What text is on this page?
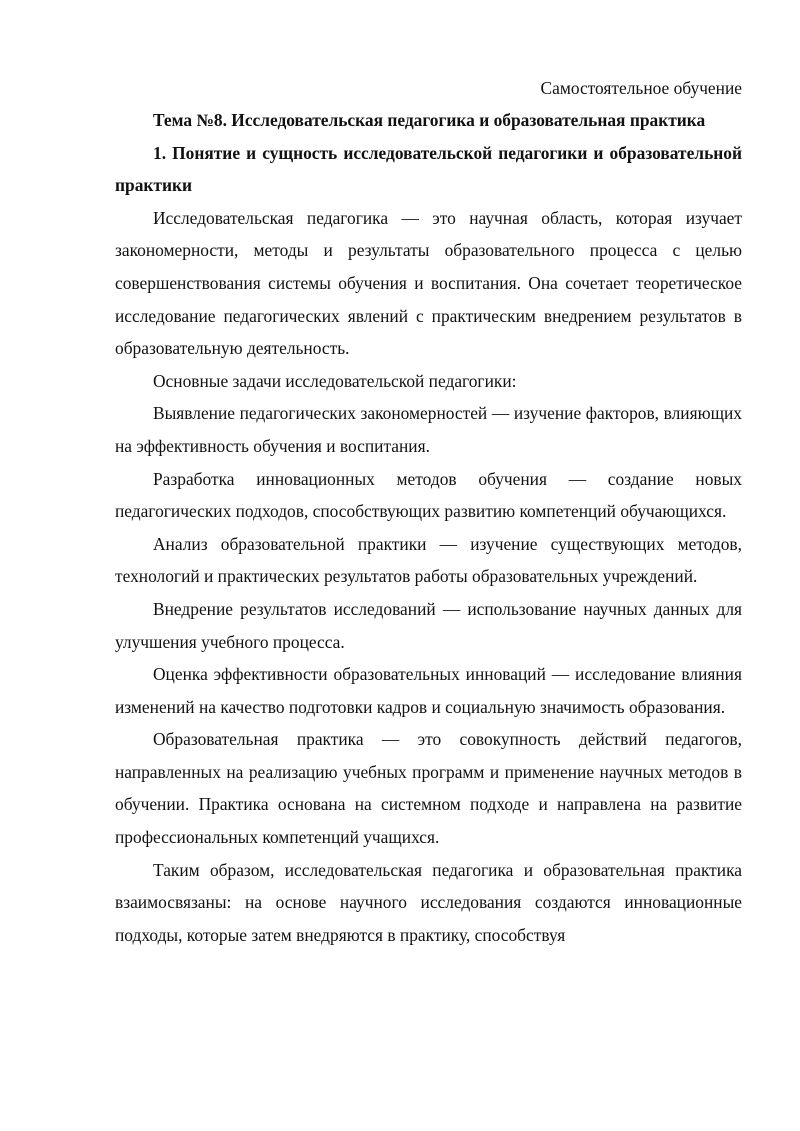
Самостоятельное обучение

Тема №8. Исследовательская педагогика и образовательная практика

1. Понятие и сущность исследовательской педагогики и образовательной практики

Исследовательская педагогика — это научная область, которая изучает закономерности, методы и результаты образовательного процесса с целью совершенствования системы обучения и воспитания. Она сочетает теоретическое исследование педагогических явлений с практическим внедрением результатов в образовательную деятельность.

Основные задачи исследовательской педагогики:

Выявление педагогических закономерностей — изучение факторов, влияющих на эффективность обучения и воспитания.

Разработка инновационных методов обучения — создание новых педагогических подходов, способствующих развитию компетенций обучающихся.

Анализ образовательной практики — изучение существующих методов, технологий и практических результатов работы образовательных учреждений.

Внедрение результатов исследований — использование научных данных для улучшения учебного процесса.

Оценка эффективности образовательных инноваций — исследование влияния изменений на качество подготовки кадров и социальную значимость образования.

Образовательная практика — это совокупность действий педагогов, направленных на реализацию учебных программ и применение научных методов в обучении. Практика основана на системном подходе и направлена на развитие профессиональных компетенций учащихся.

Таким образом, исследовательская педагогика и образовательная практика взаимосвязаны: на основе научного исследования создаются инновационные подходы, которые затем внедряются в практику, способствуя
